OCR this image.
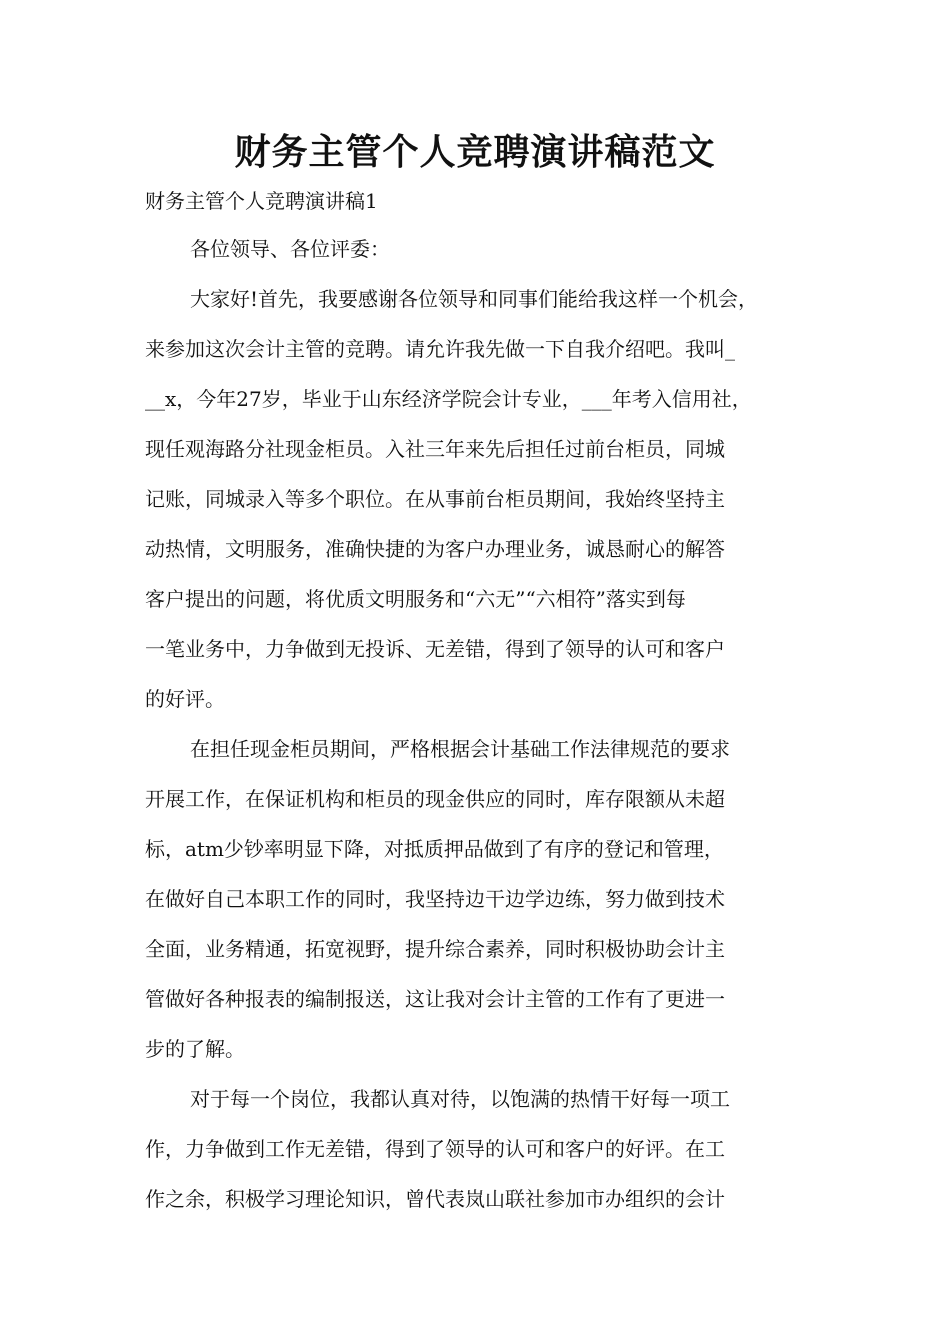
财务主管个人竞聘演讲稿范文

财务主管个人竞聘演讲稿1

各位领导、各位评委：

大家好!首先，我要感谢各位领导和同事们能给我这样一个机会，

来参加这次会计主管的竞聘。请允许我先做一下自我介绍吧。我叫_

__x，今年27岁，毕业于山东经济学院会计专业，___年考入信用社，

现任观海路分社现金柜员。入社三年来先后担任过前台柜员，同城

记账，同城录入等多个职位。在从事前台柜员期间，我始终坚持主

动热情，文明服务，准确快捷的为客户办理业务，诚恳耐心的解答

客户提出的问题，将优质文明服务和“六无”“六相符”落实到每

一笔业务中，力争做到无投诉、无差错，得到了领导的认可和客户

的好评。

在担任现金柜员期间，严格根据会计基础工作法律规范的要求

开展工作，在保证机构和柜员的现金供应的同时，库存限额从未超

标，atm少钞率明显下降，对抵质押品做到了有序的登记和管理，

在做好自己本职工作的同时，我坚持边干边学边练，努力做到技术

全面，业务精通，拓宽视野，提升综合素养，同时积极协助会计主

管做好各种报表的编制报送，这让我对会计主管的工作有了更进一

步的了解。

对于每一个岗位，我都认真对待，以饱满的热情干好每一项工

作，力争做到工作无差错，得到了领导的认可和客户的好评。在工

作之余，积极学习理论知识，曾代表岚山联社参加市办组织的会计
